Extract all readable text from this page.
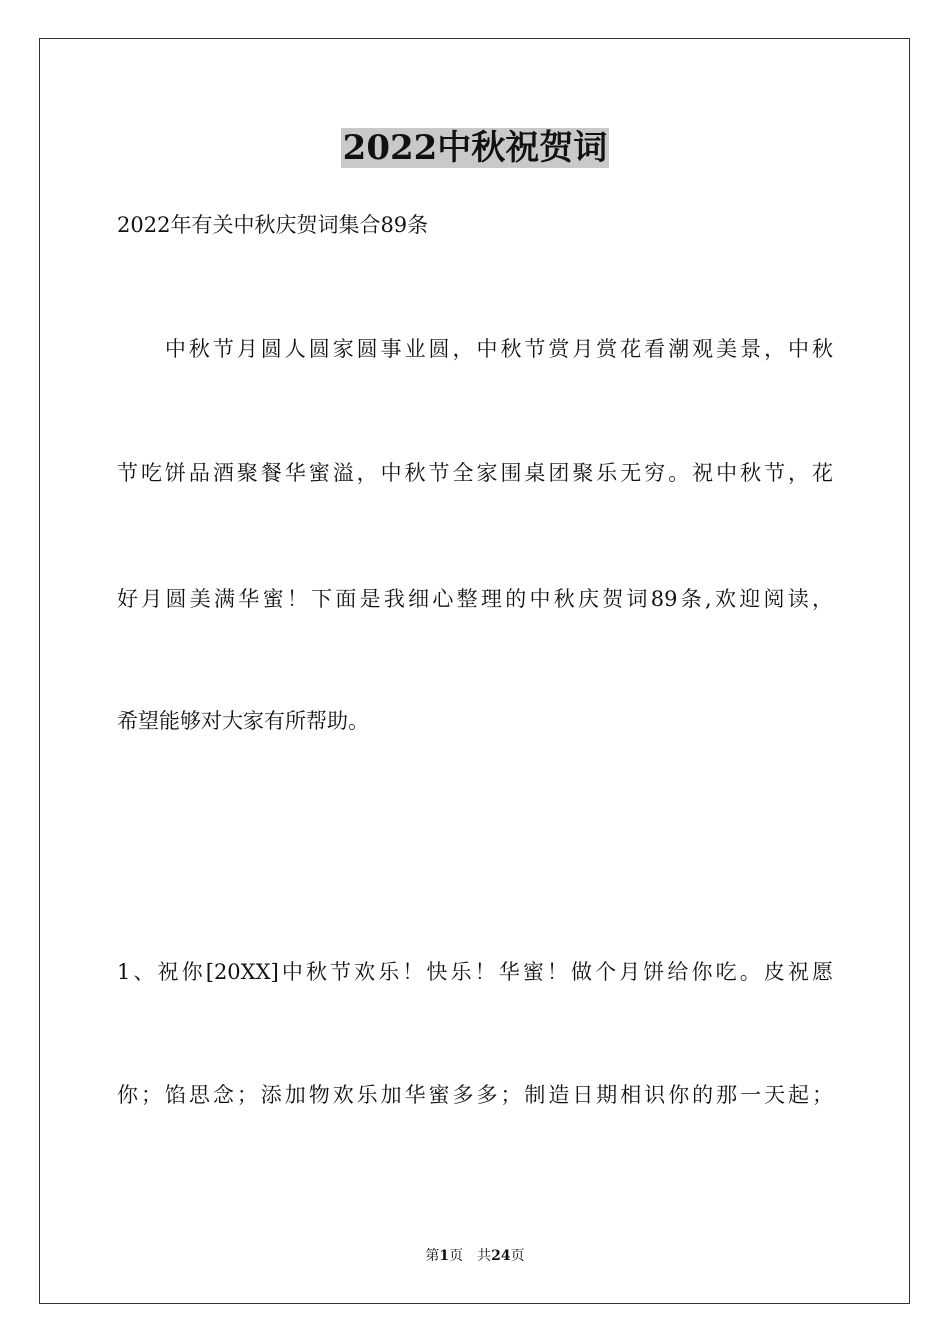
2022中秋祝贺词

2022年有关中秋庆贺词集合89条

　　中秋节月圆人圆家圆事业圆，中秋节赏月赏花看潮观美景，中秋

节吃饼品酒聚餐华蜜溢，中秋节全家围桌团聚乐无穷。祝中秋节，花

好月圆美满华蜜！下面是我细心整理的中秋庆贺词89条,欢迎阅读，

希望能够对大家有所帮助。

1、祝你[20XX]中秋节欢乐！快乐！华蜜！做个月饼给你吃。皮祝愿

你；馅思念；添加物欢乐加华蜜多多；制造日期相识你的那一天起；

第1页　共24页
